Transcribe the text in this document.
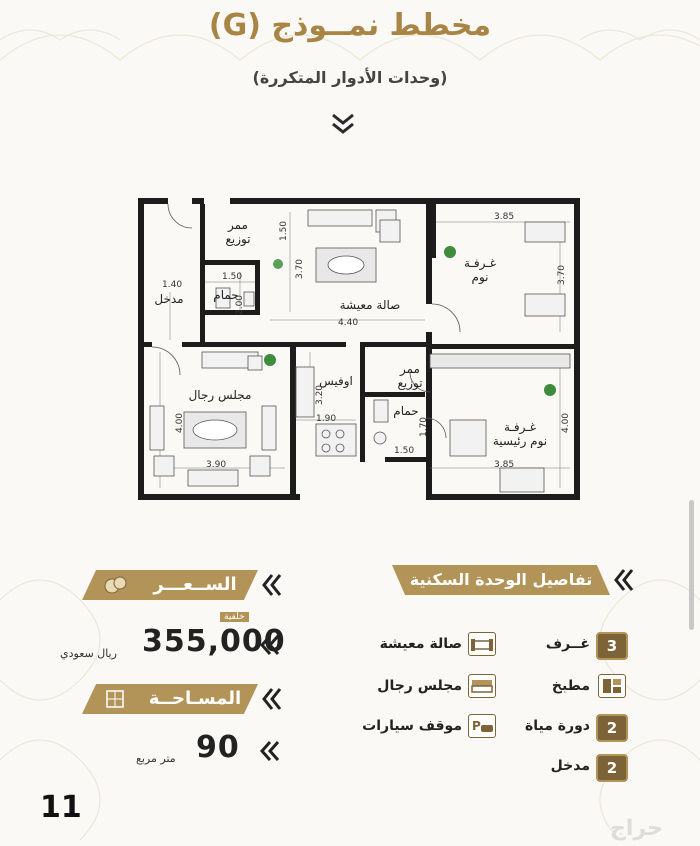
مخطط نمــوذج (G)
(وحدات الأدوار المتكررة)
صالة معيشة
غـرفـة
نوم
ممر
توزيع
مدخل	حمام
مجلس رجال
اوفيس
ممر
توزيع
حمام
غـرفـة
نوم رئيسية
3.85
3.70
1.50
3.70
1.40
1.50
2.00
4.40
3.20
1.90
4.00
3.90
1.70
1.50
4.00
3.85
الســعـــر
خلفية
355,000
ريال سعودي
المسـاحــة
90
متر مربع
تفاصيل الوحدة السكنية
3
غــرف
مطبخ
2
دورة مياة
2
مدخل
صالة معيشة
مجلس رجال
P
موقف سيارات
11
حراج
